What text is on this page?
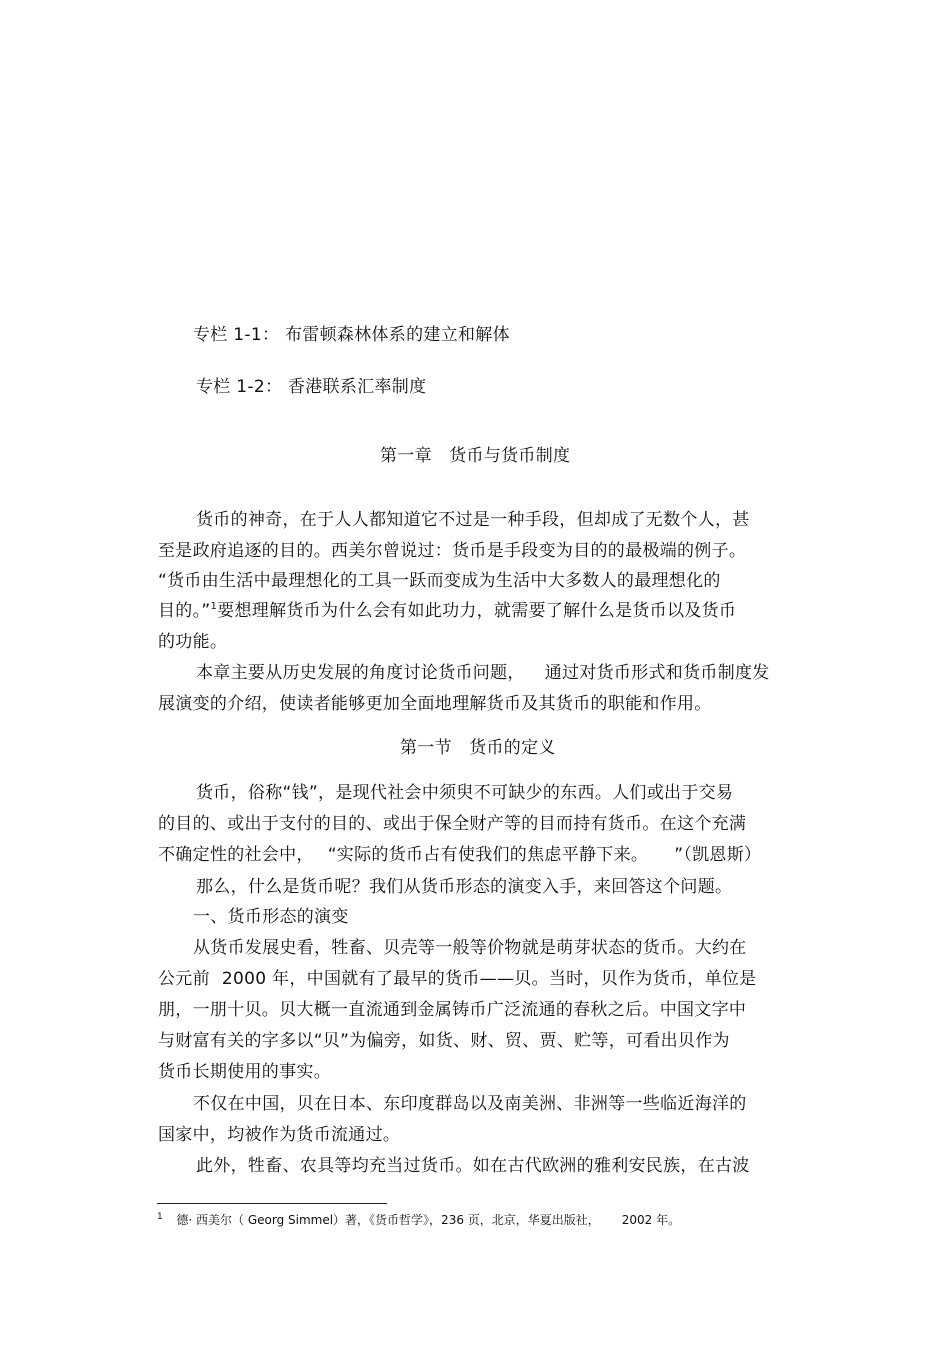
专栏 1-1： 布雷顿森林体系的建立和解体
专栏 1-2： 香港联系汇率制度
第一章　货币与货币制度
货币的神奇，在于人人都知道它不过是一种手段，但却成了无数个人，甚
至是政府追逐的目的。西美尔曾说过：货币是手段变为目的的最极端的例子。
“货币由生活中最理想化的工具一跃而变成为生活中大多数人的最理想化的
目的。”$^1$要想理解货币为什么会有如此功力，就需要了解什么是货币以及货币
的功能。
本章主要从历史发展的角度讨论货币问题， 通过对货币形式和货币制度发
展演变的介绍，使读者能够更加全面地理解货币及其货币的职能和作用。
第一节　货币的定义
货币，俗称“钱”，是现代社会中须臾不可缺少的东西。人们或出于交易
的目的、或出于支付的目的、或出于保全财产等的目而持有货币。在这个充满
不确定性的社会中， “实际的货币占有使我们的焦虑平静下来。 ”（凯恩斯）
那么，什么是货币呢？我们从货币形态的演变入手，来回答这个问题。
一、货币形态的演变
从货币发展史看，牲畜、贝壳等一般等价物就是萌芽状态的货币。大约在
公元前 2000 年，中国就有了最早的货币——贝。当时，贝作为货币，单位是
朋，一朋十贝。贝大概一直流通到金属铸币广泛流通的春秋之后。中国文字中
与财富有关的字多以“贝”为偏旁，如货、财、贸、贾、贮等，可看出贝作为
货币长期使用的事实。
不仅在中国，贝在日本、东印度群岛以及南美洲、非洲等一些临近海洋的
国家中，均被作为货币流通过。
此外，牲畜、农具等均充当过货币。如在古代欧洲的雅利安民族，在古波
$^1$ 德· 西美尔（ Georg Simmel）著，《货币哲学》，236 页，北京，华夏出版社， 2002 年。
